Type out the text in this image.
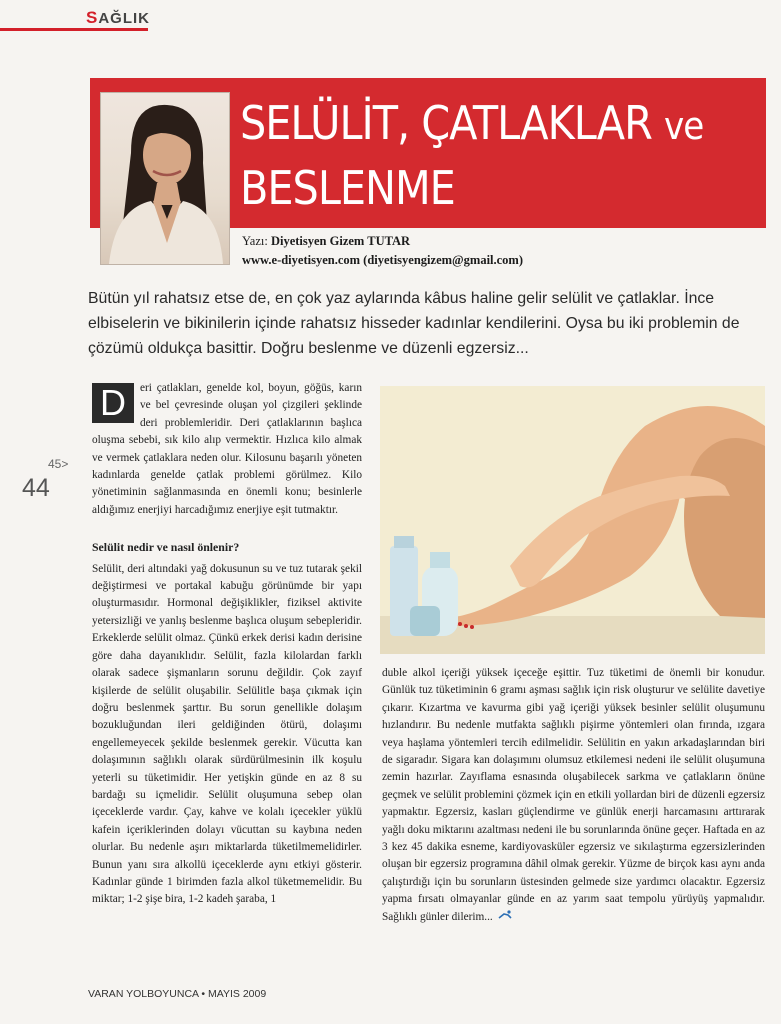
SAĞLIK
SELÜLİT, ÇATLAKLAR ve
BESLENME
Yazı: Diyetisyen Gizem TUTAR
www.e-diyetisyen.com (diyetisyengizem@gmail.com)
Bütün yıl rahatsız etse de, en çok yaz aylarında kâbus haline gelir selülit ve çatlaklar. İnce elbiselerin ve bikinilerin içinde rahatsız hisseder kadınlar kendilerini. Oysa bu iki problemin de çözümü oldukça basittir. Doğru beslenme ve düzenli egzersiz...
45>
44

D	eri çatlakları, genelde kol, boyun, göğüs, karın ve bel çevresinde oluşan yol çizgileri şeklinde deri problemleridir. Deri çatlaklarının başlıca oluşma sebebi, sık kilo alıp vermektir. Hızlıca kilo almak ve vermek çatlaklara neden olur. Kilosunu başarılı yöneten kadınlarda genelde çatlak problemi görülmez. Kilo yönetiminin sağlanmasında en önemli konu; besinlerle aldığımız enerjiyi harcadığımız enerjiye eşit tutmaktır.

Selülit nedir ve nasıl önlenir?

Selülit, deri altındaki yağ dokusunun su ve tuz tutarak şekil değiştirmesi ve portakal kabuğu görünümde bir yapı oluşturmasıdır. Hormonal değişiklikler, fiziksel aktivite yetersizliği ve yanlış beslenme başlıca oluşum sebepleridir. Erkeklerde selülit olmaz. Çünkü erkek derisi kadın derisine göre daha dayanıklıdır. Selülit, fazla kilolardan farklı olarak sadece şişmanların sorunu değildir. Çok zayıf kişilerde de selülit oluşabilir. Selülitle başa çıkmak için doğru beslenmek şarttır. Bu sorun genellikle dolaşım bozukluğundan ileri geldiğinden ötürü, dolaşımı engellemeyecek şekilde beslenmek gerekir. Vücutta kan dolaşımının sağlıklı olarak sürdürülmesinin ilk koşulu yeterli su tüketimidir. Her yetişkin günde en az 8 su bardağı su içmelidir. Selülit oluşumuna sebep olan içeceklerde vardır. Çay, kahve ve kolalı içecekler yüklü kafein içeriklerinden dolayı vücuttan su kaybına neden olurlar. Bu nedenle aşırı miktarlarda tüketilmemelidirler. Bunun yanı sıra alkollü içeceklerde aynı etkiyi gösterir. Kadınlar günde 1 birimden fazla alkol tüketmemelidir. Bu miktar; 1-2 şişe bira, 1-2 kadeh şaraba, 1

duble alkol içeriği yüksek içeceğe eşittir. Tuz tüketimi de önemli bir konudur. Günlük tuz tüketiminin 6 gramı aşması sağlık için risk oluşturur ve selülite davetiye çıkarır. Kızartma ve kavurma gibi yağ içeriği yüksek besinler selülit oluşumunu hızlandırır. Bu nedenle mutfakta sağlıklı pişirme yöntemleri olan fırında, ızgara veya haşlama yöntemleri tercih edilmelidir. Selülitin en yakın arkadaşlarından biri de sigaradır. Sigara kan dolaşımını olumsuz etkilemesi nedeni ile selülit oluşumuna zemin hazırlar. Zayıflama esnasında oluşabilecek sarkma ve çatlakların önüne geçmek ve selülit problemini çözmek için en etkili yollardan biri de düzenli egzersiz yapmaktır. Egzersiz, kasları güçlendirme ve günlük enerji harcamasını arttırarak yağlı doku miktarını azaltması nedeni ile bu sorunlarında önüne geçer. Haftada en az 3 kez 45 dakika esneme, kardiyovasküler egzersiz ve sıkılaştırma egzersizlerinden oluşan bir egzersiz programına dâhil olmak gerekir. Yüzme de birçok kası aynı anda çalıştırdığı için bu sorunların üstesinden gelmede size yardımcı olacaktır. Egzersiz yapma fırsatı olmayanlar günde en az yarım saat tempolu yürüyüş yapmalıdır. Sağlıklı günler dilerim...

VARAN YOLBOYUNCA • MAYIS 2009
